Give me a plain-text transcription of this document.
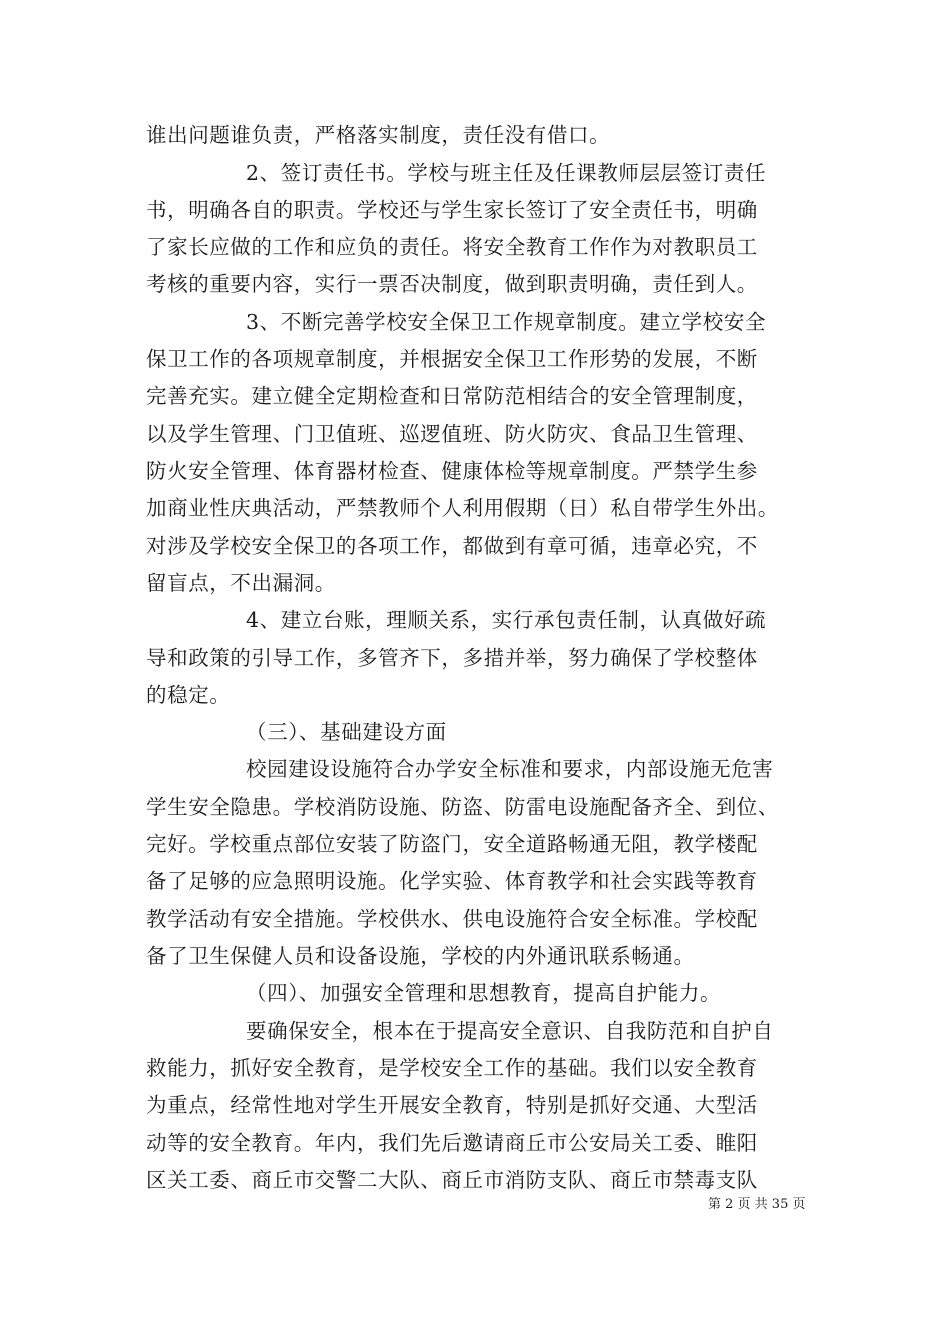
谁出问题谁负责，严格落实制度，责任没有借口。
2、签订责任书。学校与班主任及任课教师层层签订责任
书，明确各自的职责。学校还与学生家长签订了安全责任书，明确
了家长应做的工作和应负的责任。将安全教育工作作为对教职员工
考核的重要内容，实行一票否决制度，做到职责明确，责任到人。
3、不断完善学校安全保卫工作规章制度。建立学校安全
保卫工作的各项规章制度，并根据安全保卫工作形势的发展，不断
完善充实。建立健全定期检查和日常防范相结合的安全管理制度，
以及学生管理、门卫值班、巡逻值班、防火防灾、食品卫生管理、
防火安全管理、体育器材检查、健康体检等规章制度。严禁学生参
加商业性庆典活动，严禁教师个人利用假期（日）私自带学生外出。
对涉及学校安全保卫的各项工作，都做到有章可循，违章必究，不
留盲点，不出漏洞。
4、建立台账，理顺关系，实行承包责任制，认真做好疏
导和政策的引导工作，多管齐下，多措并举，努力确保了学校整体
的稳定。
（三）、基础建设方面
校园建设设施符合办学安全标准和要求，内部设施无危害
学生安全隐患。学校消防设施、防盗、防雷电设施配备齐全、到位、
完好。学校重点部位安装了防盗门，安全道路畅通无阻，教学楼配
备了足够的应急照明设施。化学实验、体育教学和社会实践等教育
教学活动有安全措施。学校供水、供电设施符合安全标准。学校配
备了卫生保健人员和设备设施，学校的内外通讯联系畅通。
（四）、加强安全管理和思想教育，提高自护能力。
要确保安全，根本在于提高安全意识、自我防范和自护自
救能力，抓好安全教育，是学校安全工作的基础。我们以安全教育
为重点，经常性地对学生开展安全教育，特别是抓好交通、大型活
动等的安全教育。年内，我们先后邀请商丘市公安局关工委、睢阳
区关工委、商丘市交警二大队、商丘市消防支队、商丘市禁毒支队
第 2 页 共 35 页
